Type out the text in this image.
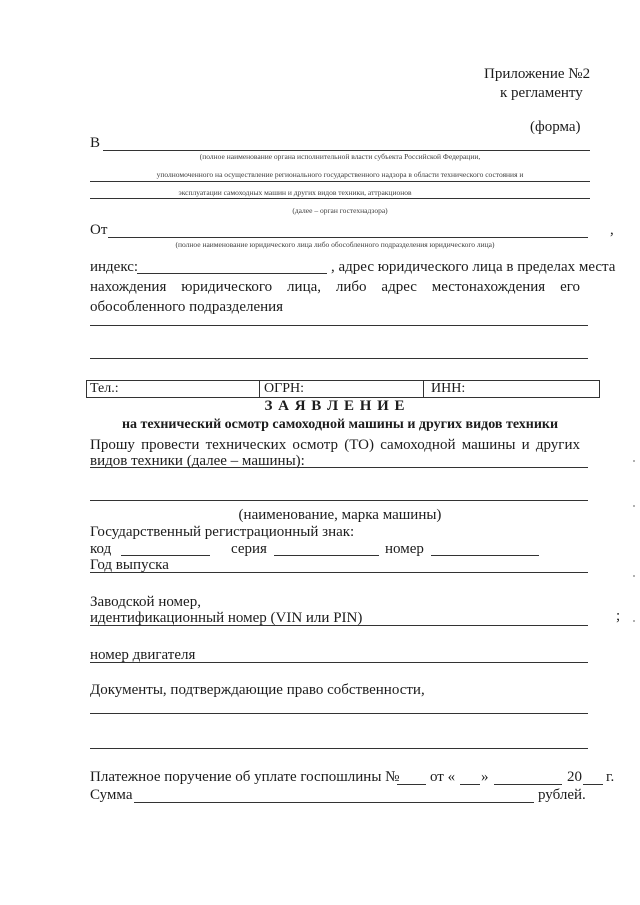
Приложение №2
к регламенту
(форма)
В
(полное наименование органа исполнительной власти субъекта Российской Федерации,
уполномоченного на осуществление регионального государственного надзора в области технического состояния и
эксплуатации самоходных машин и других видов техники, аттракционов
(далее – орган гостехнадзора)
От	,
(полное наименование юридического лица либо обособленного подразделения юридического лица)
индекс:	, адрес юридического лица в пределах места
нахождения юридического лица, либо адрес местонахождения его
обособленного подразделения
Тел.:	ОГРН:	ИНН:
З А Я В Л Е Н И Е
на технический осмотр самоходной машины и других видов техники
Прошу провести технических осмотр (ТО) самоходной машины и других
видов техники (далее – машины):
(наименование, марка машины)
Государственный регистрационный знак:
код	серия	номер
Год выпуска
Заводской номер,
идентификационный номер (VIN или PIN)	;
номер двигателя
Документы, подтверждающие право собственности,
Платежное поручение об уплате госпошлины № от « »	20 г.
Сумма	рублей.
